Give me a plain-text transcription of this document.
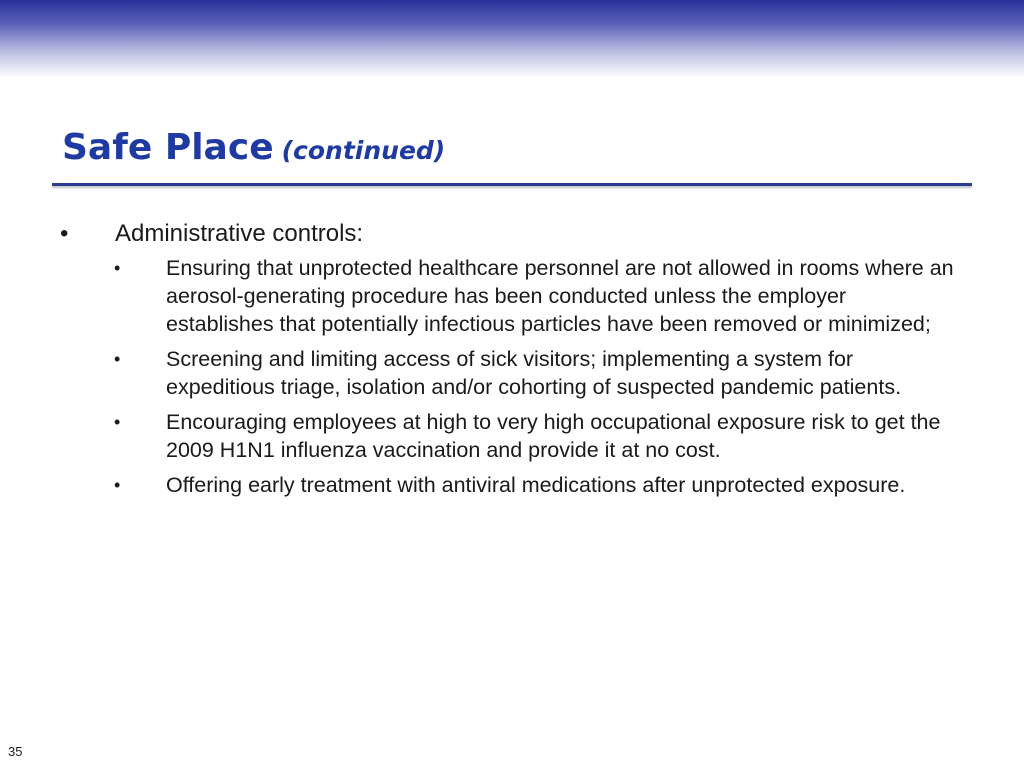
Safe Place (continued)
•	Administrative controls:
•	Ensuring that unprotected healthcare personnel are not allowed in rooms where an aerosol-generating procedure has been conducted unless the employer establishes that potentially infectious particles have been removed or minimized;
•	Screening and limiting access of sick visitors; implementing a system for expeditious triage, isolation and/or cohorting of suspected pandemic patients.
•	Encouraging employees at high to very high occupational exposure risk to get the 2009 H1N1 influenza vaccination and provide it at no cost.
•	Offering early treatment with antiviral medications after unprotected exposure.
35
